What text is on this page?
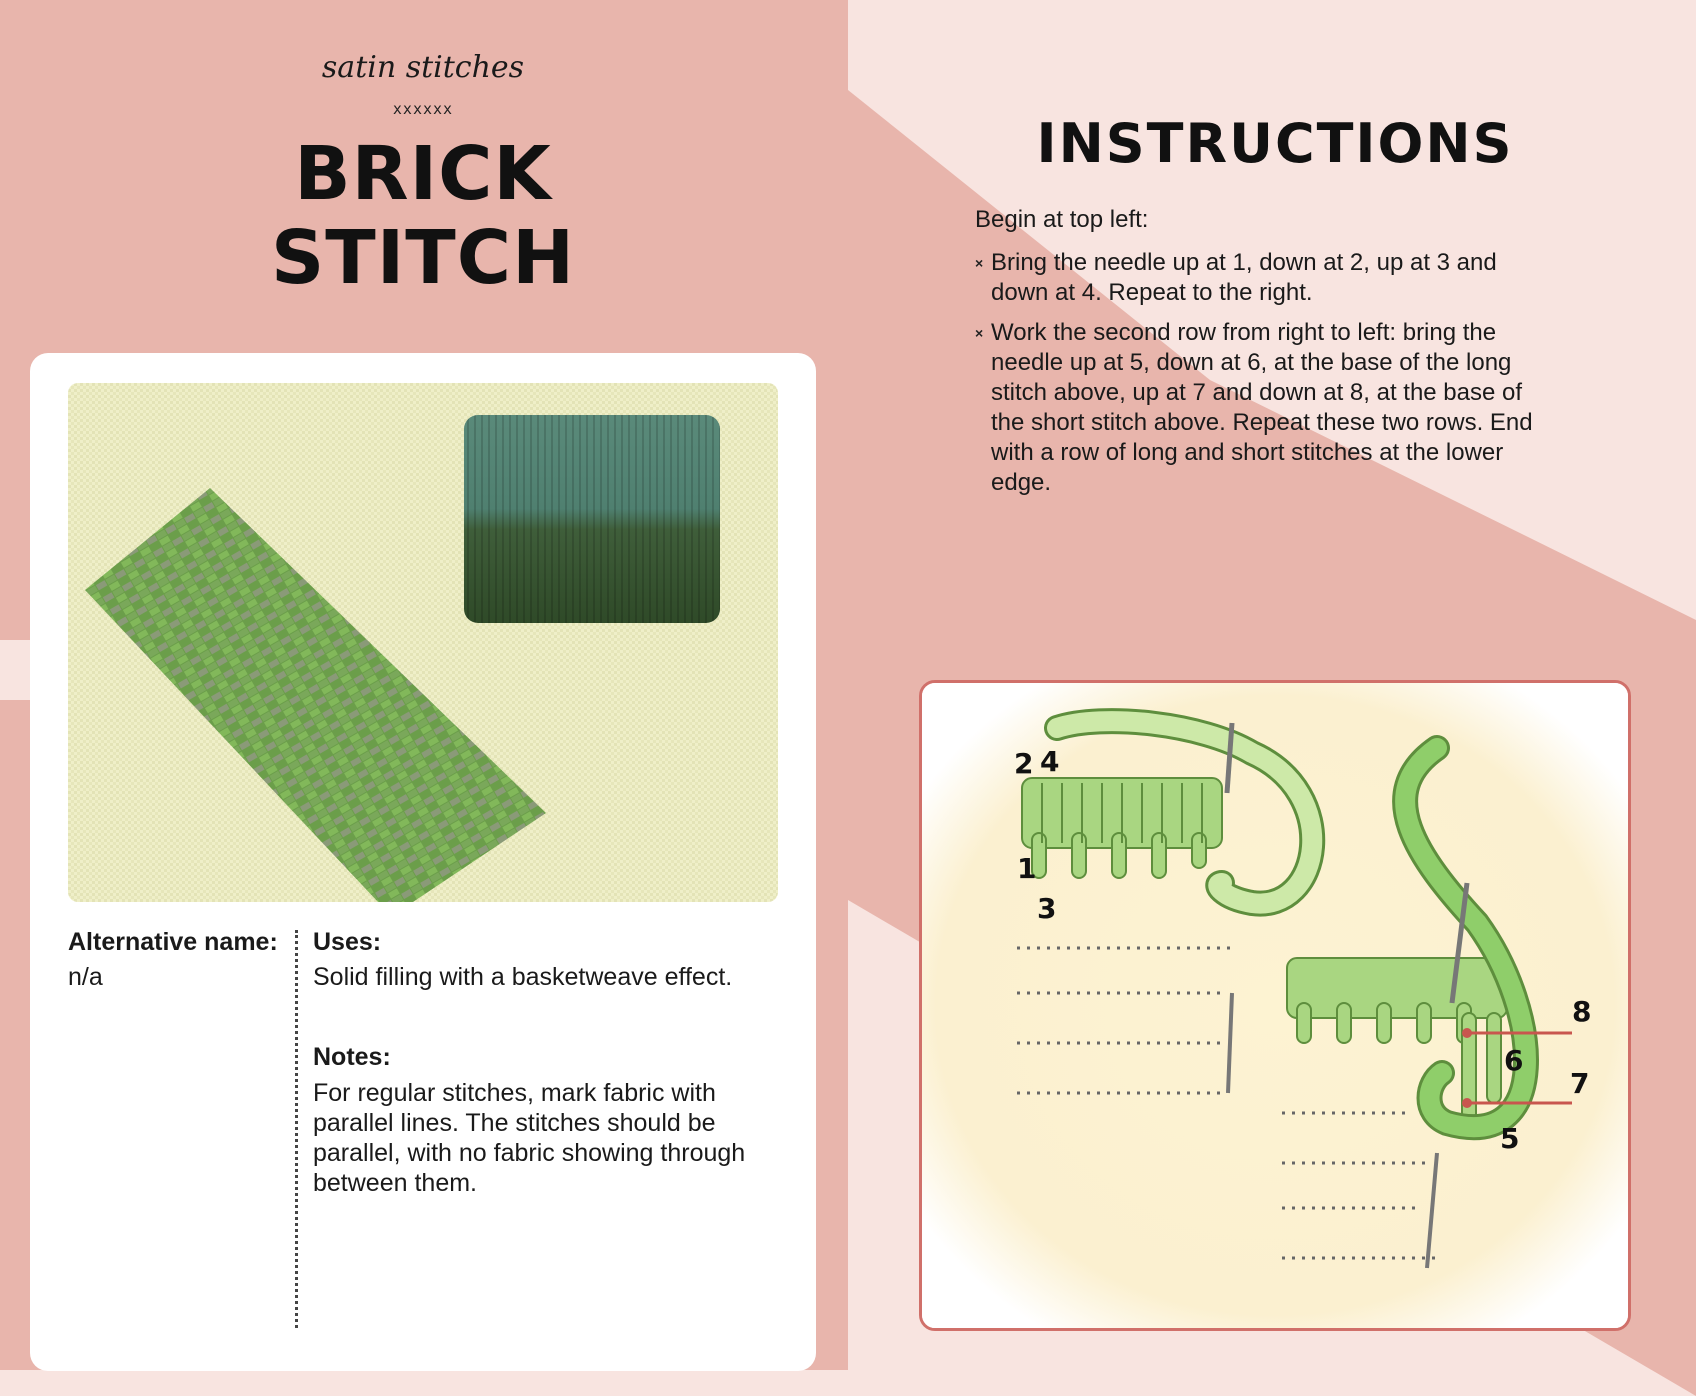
satin stitches
xxxxxx
BRICK
STITCH
INSTRUCTIONS
Begin at top left:
× Bring the needle up at 1, down at 2, up at 3 and down at 4. Repeat to the right.
× Work the second row from right to left: bring the needle up at 5, down at 6, at the base of the long stitch above, up at 7 and down at 8, at the base of the short stitch above. Repeat these two rows. End with a row of long and short stitches at the lower edge.
Alternative name:
n/a
Uses:
Solid filling with a basketweave effect.
Notes:
For regular stitches, mark fabric with parallel lines. The stitches should be parallel, with no fabric showing through between them.
2 4
1
3
8
6
7
5
